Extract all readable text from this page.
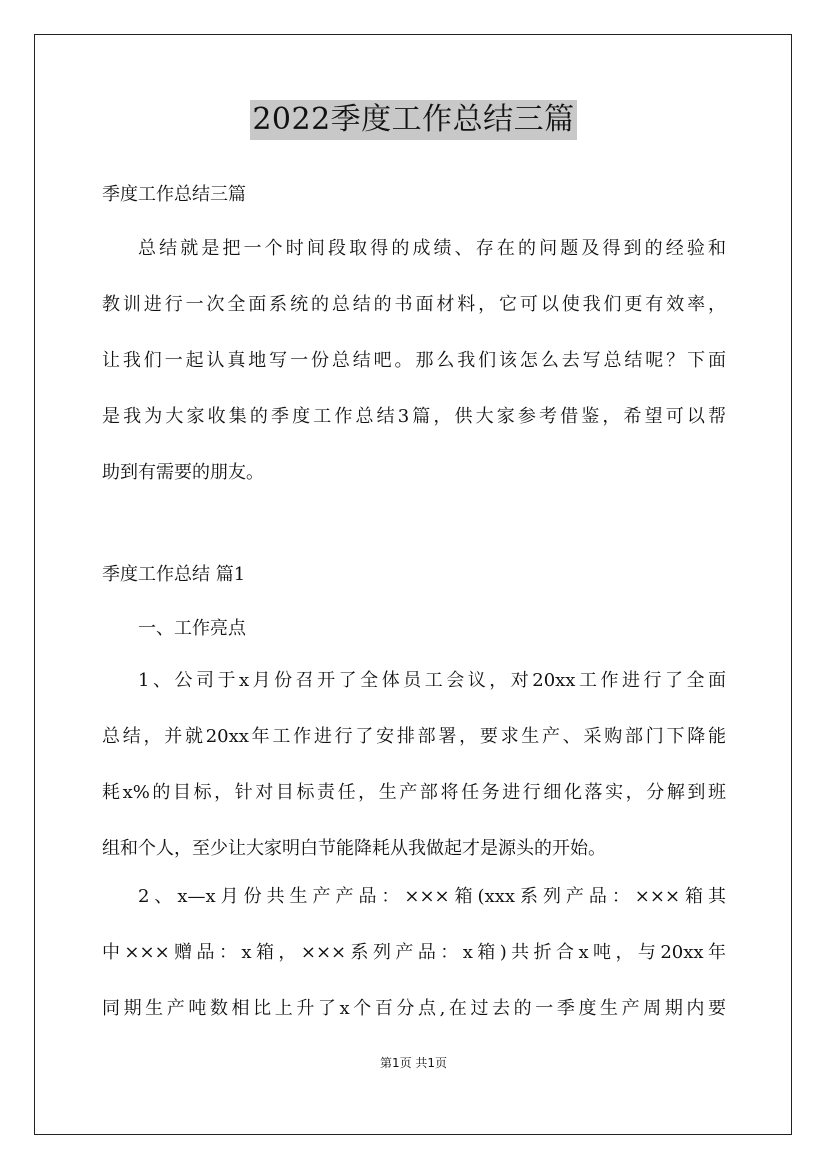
2022季度工作总结三篇
季度工作总结三篇
总结就是把一个时间段取得的成绩、存在的问题及得到的经验和
教训进行一次全面系统的总结的书面材料，它可以使我们更有效率，
让我们一起认真地写一份总结吧。那么我们该怎么去写总结呢？下面
是我为大家收集的季度工作总结3篇，供大家参考借鉴，希望可以帮
助到有需要的朋友。
季度工作总结 篇1
一、工作亮点
1、公司于x月份召开了全体员工会议，对20xx工作进行了全面
总结，并就20xx年工作进行了安排部署，要求生产、采购部门下降能
耗x%的目标，针对目标责任，生产部将任务进行细化落实，分解到班
组和个人，至少让大家明白节能降耗从我做起才是源头的开始。
2、x—x月份共生产产品：×××箱(xxx系列产品：×××箱其
中×××赠品：x箱，×××系列产品：x箱)共折合x吨，与20xx年
同期生产吨数相比上升了x个百分点,在过去的一季度生产周期内要
第1页 共1页
